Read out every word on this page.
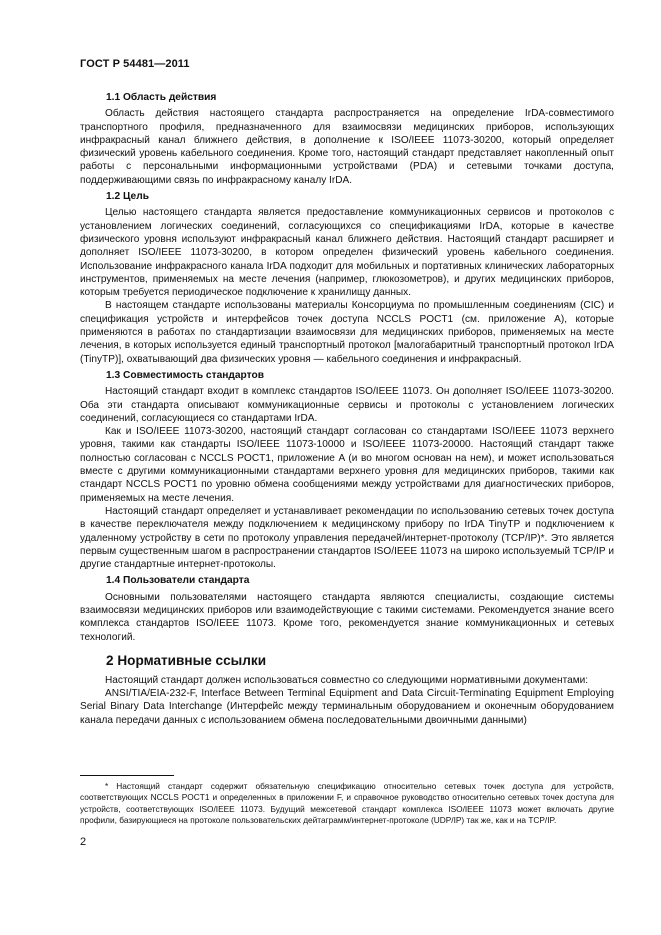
ГОСТ Р 54481—2011
1.1 Область действия

Область действия настоящего стандарта распространяется на определение IrDA-совместимого транспортного профиля, предназначенного для взаимосвязи медицинских приборов, использующих инфракрасный канал ближнего действия, в дополнение к ISO/IEEE 11073-30200, который определяет физический уровень кабельного соединения. Кроме того, настоящий стандарт представляет накопленный опыт работы с персональными информационными устройствами (PDA) и сетевыми точками доступа, поддерживающими связь по инфракрасному каналу IrDA.

1.2 Цель

Целью настоящего стандарта является предоставление коммуникационных сервисов и протоколов с установлением логических соединений, согласующихся со спецификациями IrDA, которые в качестве физического уровня используют инфракрасный канал ближнего действия. Настоящий стандарт расширяет и дополняет ISO/IEEE 11073-30200, в котором определен физический уровень кабельного соединения. Использование инфракрасного канала IrDA подходит для мобильных и портативных клинических лабораторных инструментов, применяемых на месте лечения (например, глюкозометров), и других медицинских приборов, которым требуется периодическое подключение к хранилищу данных.

В настоящем стандарте использованы материалы Консорциума по промышленным соединениям (CIC) и спецификация устройств и интерфейсов точек доступа NCCLS POCT1 (см. приложение A), которые применяются в работах по стандартизации взаимосвязи для медицинских приборов, применяемых на месте лечения, в которых используется единый транспортный протокол [малогабаритный транспортный протокол IrDA (TinyTP)], охватывающий два физических уровня — кабельного соединения и инфракрасный.

1.3 Совместимость стандартов

Настоящий стандарт входит в комплекс стандартов ISO/IEEE 11073. Он дополняет ISO/IEEE 11073-30200. Оба эти стандарта описывают коммуникационные сервисы и протоколы с установлением логических соединений, согласующиеся со стандартами IrDA.

Как и ISO/IEEE 11073-30200, настоящий стандарт согласован со стандартами ISO/IEEE 11073 верхнего уровня, такими как стандарты ISO/IEEE 11073-10000 и ISO/IEEE 11073-20000. Настоящий стандарт также полностью согласован с NCCLS POCT1, приложение A (и во многом основан на нем), и может использоваться вместе с другими коммуникационными стандартами верхнего уровня для медицинских приборов, такими как стандарт NCCLS POCT1 по уровню обмена сообщениями между устройствами для диагностических приборов, применяемых на месте лечения.

Настоящий стандарт определяет и устанавливает рекомендации по использованию сетевых точек доступа в качестве переключателя между подключением к медицинскому прибору по IrDA TinyTP и подключением к удаленному устройству в сети по протоколу управления передачей/интернет-протоколу (TCP/IP)*. Это является первым существенным шагом в распространении стандартов ISO/IEEE 11073 на широко используемый TCP/IP и другие стандартные интернет-протоколы.

1.4 Пользователи стандарта

Основными пользователями настоящего стандарта являются специалисты, создающие системы взаимосвязи медицинских приборов или взаимодействующие с такими системами. Рекомендуется знание всего комплекса стандартов ISO/IEEE 11073. Кроме того, рекомендуется знание коммуникационных и сетевых технологий.

2 Нормативные ссылки

Настоящий стандарт должен использоваться совместно со следующими нормативными документами:

ANSI/TIA/EIA-232-F, Interface Between Terminal Equipment and Data Circuit-Terminating Equipment Employing Serial Binary Data Interchange (Интерфейс между терминальным оборудованием и оконечным оборудованием канала передачи данных с использованием обмена последовательными двоичными данными)

* Настоящий стандарт содержит обязательную спецификацию относительно сетевых точек доступа для устройств, соответствующих NCCLS POCT1 и определенных в приложении F, и справочное руководство относительно сетевых точек доступа для устройств, соответствующих ISO/IEEE 11073. Будущий межсетевой стандарт комплекса ISO/IEEE 11073 может включать другие профили, базирующиеся на протоколе пользовательских дейтаграмм/интернет-протоколе (UDP/IP) так же, как и на TCP/IP.

2
